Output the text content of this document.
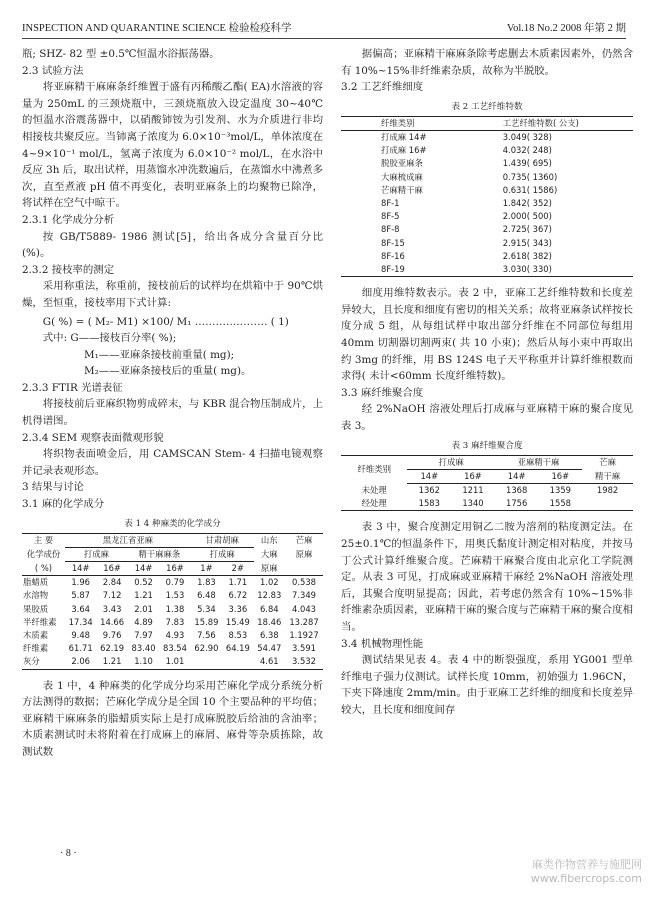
INSPECTION AND QUARANTINE SCIENCE 检验检疫科学	Vol.18 No.2 2008 年第 2 期

瓶; SHZ- 82 型 ±0.5℃恒温水浴振荡器。

2.3 试验方法

将亚麻精干麻麻条纤维置于盛有丙稀酸乙酯( EA)水溶液的容量为 250mL 的三颈烧瓶中，三颈烧瓶放入设定温度 30~40℃的恒温水浴震荡器中，以硝酸铈铵为引发剂、水为介质进行非均相接枝共聚反应。当铈离子浓度为 6.0×10⁻³mol/L，单体浓度在 4~9×10⁻¹ mol/L，氢离子浓度为 6.0×10⁻² mol/L，在水浴中反应 3h 后，取出试样，用蒸馏水冲洗数遍后，在蒸馏水中沸煮多次，直至煮液 pH 值不再变化，表明亚麻条上的均聚物已除净，将试样在空气中晾干。

2.3.1 化学成分分析

按 GB/T5889- 1986 测试[5]，给出各成分含量百分比 (%)。

2.3.2 接枝率的测定

采用称重法，称重前，接枝前后的试样均在烘箱中于 90℃烘燥，至恒重，接枝率用下式计算:

G( %) = ( M₂- M1) ×100/ M₁ ………………… ( 1)

式中: G——接枝百分率( %);

M₁——亚麻条接枝前重量( mg);

M₂——亚麻条接枝后的重量( mg)。

2.3.3 FTIR 光谱表征

将接枝前后亚麻织物剪成碎末，与 KBR 混合物压制成片，上机得谱图。

2.3.4 SEM 观察表面微观形貌

将织物表面喷金后，用 CAMSCAN Stem- 4 扫描电镜观察并记录表观形态。

3 结果与讨论

3.1 麻的化学成分

表 1 4 种麻类的化学成分
主 要	黑龙江省亚麻				甘肃胡麻		山东	芒麻
化学成份	打成麻		精干麻麻条		打成麻		大麻	原麻
( %)	14#	16#	14#	16#	1#	2#	原麻	
脂蜡质	1.96	2.84	0.52	0.79	1.83	1.71	1.02	0.538
水溶物	5.87	7.12	1.21	1.53	6.48	6.72	12.83	7.349
果胶质	3.64	3.43	2.01	1.38	5.34	3.36	6.84	4.043
半纤维素	17.34	14.66	4.89	7.83	15.89	15.49	18.46	13.287
木质素	9.48	9.76	7.97	4.93	7.56	8.53	6.38	1.1927
纤维素	61.71	62.19	83.40	83.54	62.90	64.19	54.47	3.591
灰分	2.06	1.21	1.10	1.01			4.61	3.532

表 1 中，4 种麻类的化学成分均采用芒麻化学成分系统分析方法测得的数据；芒麻化学成分是全国 10 个主要品种的平均值；亚麻精干麻麻条的脂蜡质实际上是打成麻脱胶后给油的含油率；木质素测试时未将附着在打成麻上的麻屑、麻骨等杂质拣除，故测试数

据偏高；亚麻精干麻麻条除考虑删去木质素因素外，仍然含有 10%~15%非纤维素杂质，故称为半脱胶。

3.2 工艺纤维细度

表 2 工艺纤维特数
纤维类别	工艺纤维特数( 公支)
打成麻 14#	3.049( 328)
打成麻 16#	4.032( 248)
脱胶亚麻条	1.439( 695)
大麻梳成麻	0.735( 1360)
芒麻精干麻	0.631( 1586)
8F-1	1.842( 352)
8F-5	2.000( 500)
8F-8	2.725( 367)
8F-15	2.915( 343)
8F-16	2.618( 382)
8F-19	3.030( 330)

细度用维特数表示。表 2 中，亚麻工艺纤维特数和长度差异较大，且长度和细度有密切的相关关系；故将亚麻条试样按长度分成 5 组，从每组试样中取出部分纤维在不同部位每组用 40mm 切割器切割两束( 共 10 小束)；然后从每小束中再取出约 3mg 的纤维，用 BS 124S 电子天平称重并计算纤维根数而求得( 未计<60mm 长度纤维特数)。

3.3 麻纤维聚合度

经 2%NaOH 溶液处理后打成麻与亚麻精干麻的聚合度见表 3。

表 3 麻纤维聚合度
纤维类别	打成麻		亚麻精干麻		芒麻
	14#	16#	14#	16#	精干麻
未处理	1362	1211	1368	1359	1982
经处理	1583	1340	1756	1558	

表 3 中，聚合度测定用铜乙二胺为溶剂的粘度测定法。在 25±0.1℃的恒温条件下，用奥氏黏度计测定相对粘度，并按马丁公式计算纤维聚合度。芒麻精干麻聚合度由北京化工学院测定。从表 3 可见，打成麻或亚麻精干麻经 2%NaOH 溶液处理后，其聚合度明显提高；因此，若考虑仍然含有 10%~15%非纤维素杂质因素，亚麻精干麻的聚合度与芒麻精干麻的聚合度相当。

3.4 机械物理性能

测试结果见表 4。表 4 中的断裂强度，系用 YG001 型单纤维电子强力仪测试。试样长度 10mm，初始强力 1.96CN，下夹下降速度 2mm/min。由于亚麻工艺纤维的细度和长度差异较大，且长度和细度间存

· 8 ·
麻类作物营养与施肥网
www.fibercrops.com
